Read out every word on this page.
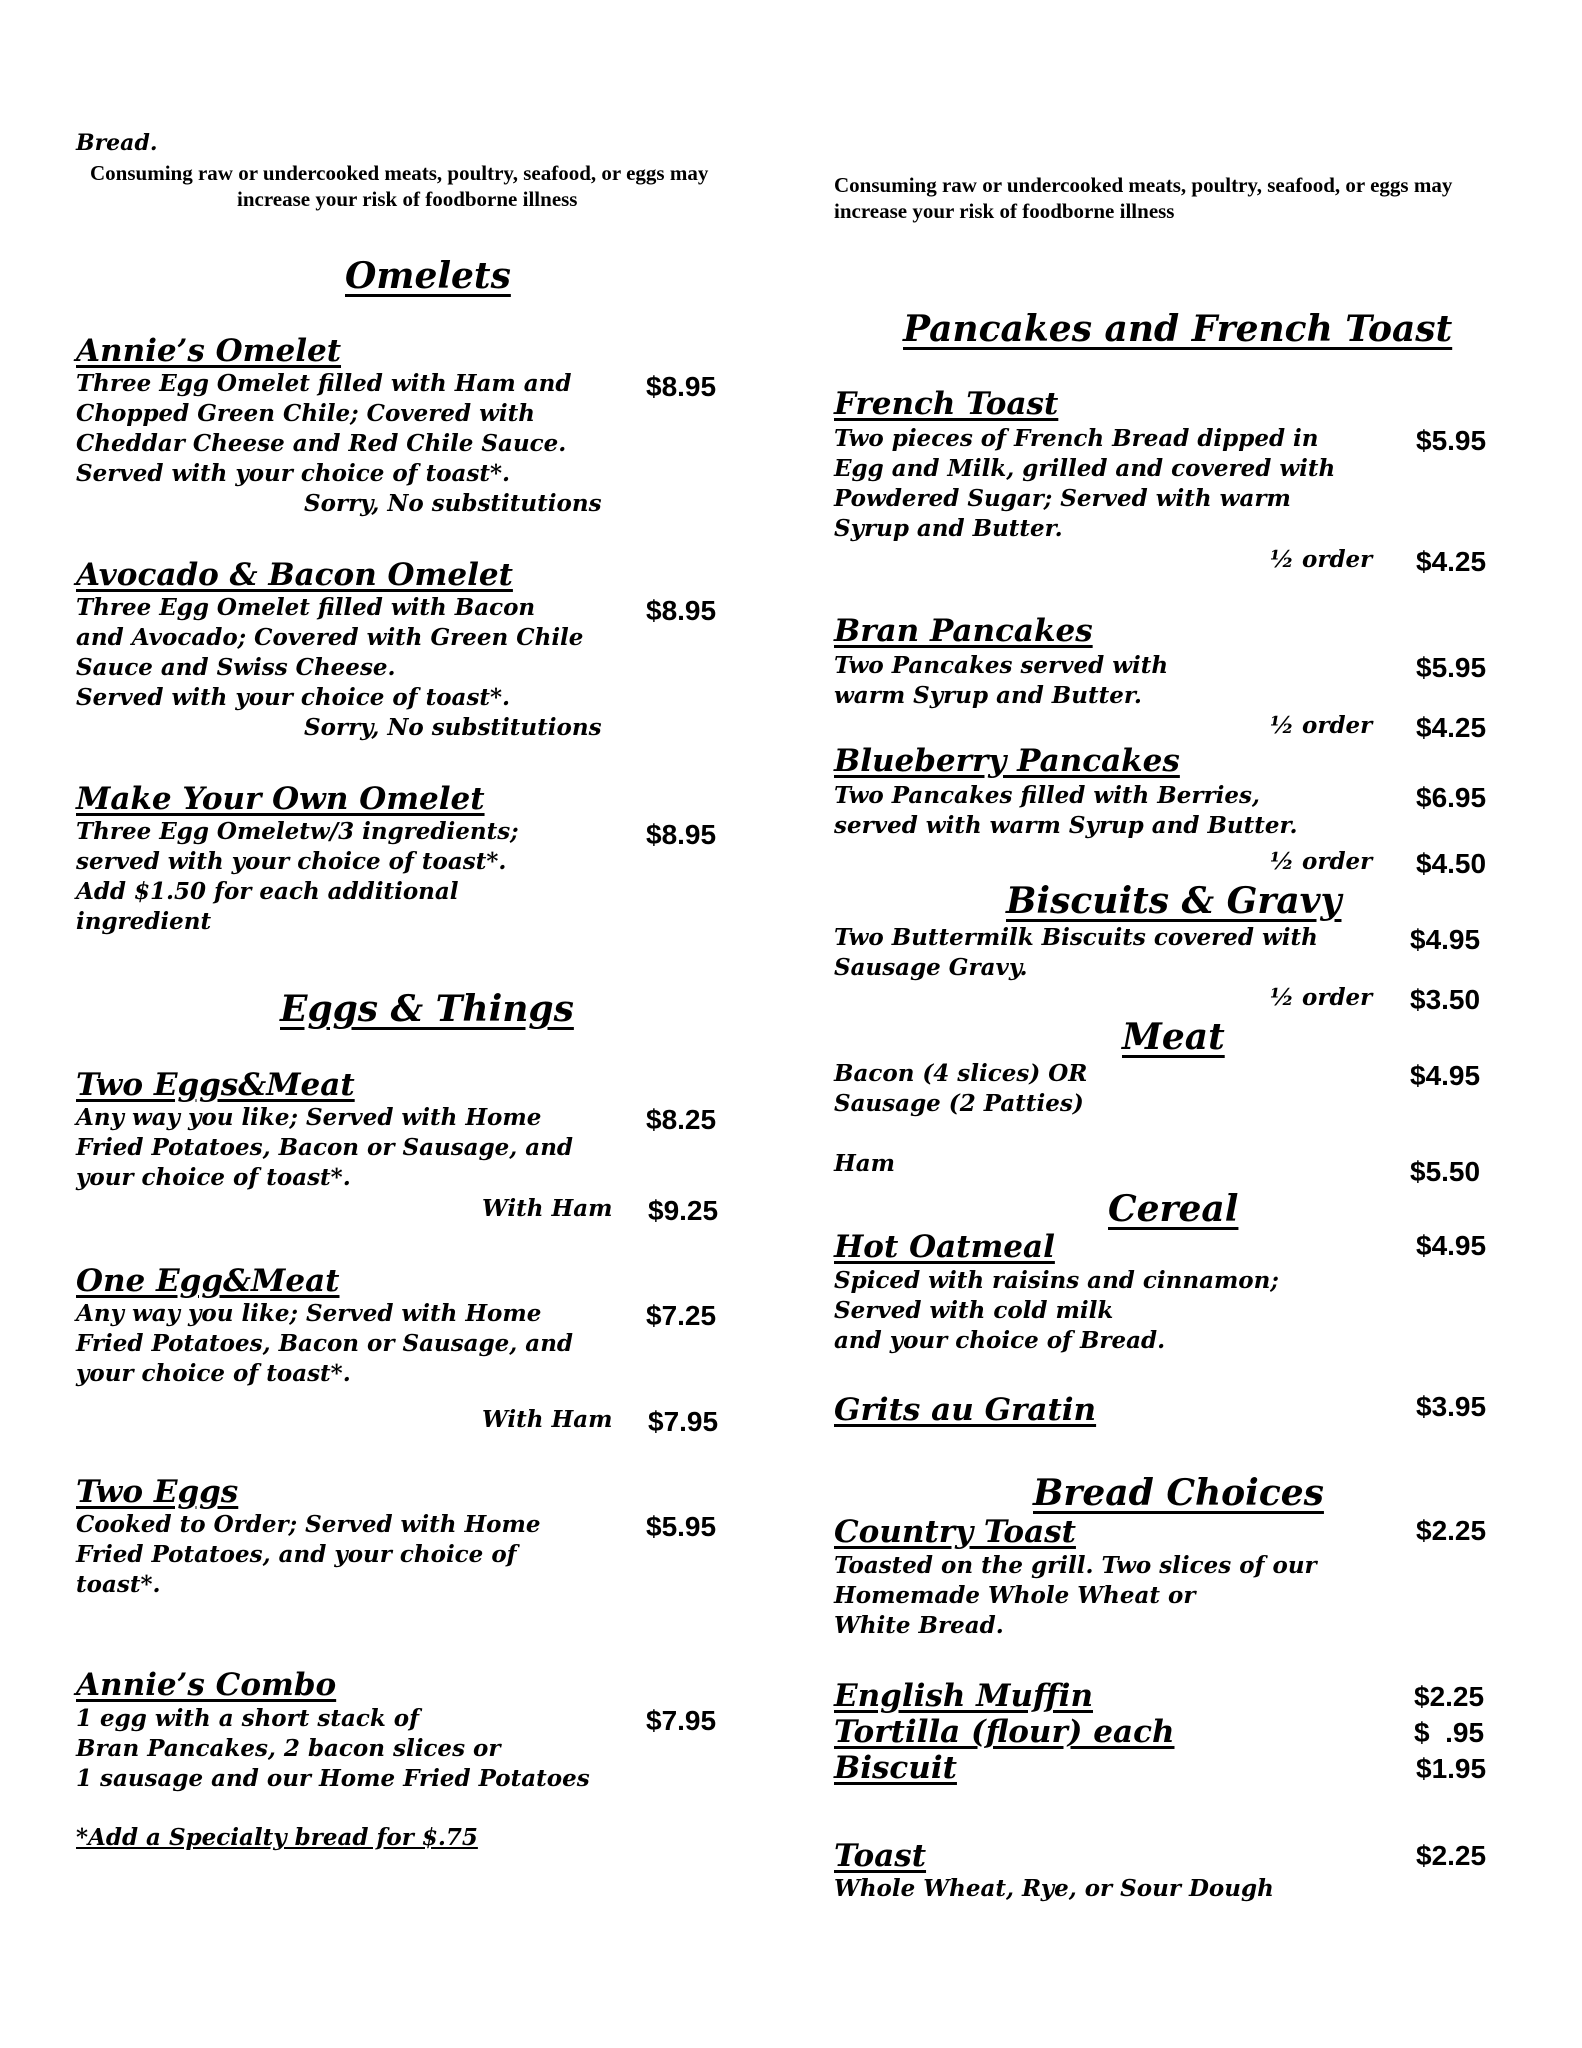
Bread.
Consuming raw or undercooked meats, poultry, seafood, or eggs may
increase your risk of foodborne illness
Omelets
Annie’s Omelet
$8.95
Three Egg Omelet filled with Ham and
Chopped Green Chile; Covered with
Cheddar Cheese and Red Chile Sauce.
Served with your choice of toast*.
Sorry, No substitutions
Avocado & Bacon Omelet
$8.95
Three Egg Omelet filled with Bacon
and Avocado; Covered with Green Chile
Sauce and Swiss Cheese.
Served with your choice of toast*.
Sorry, No substitutions
Make Your Own Omelet
$8.95
Three Egg Omeletw/3 ingredients;
served with your choice of toast*.
Add $1.50 for each additional
ingredient
Eggs & Things
Two Eggs&Meat
$8.25
Any way you like; Served with Home
Fried Potatoes, Bacon or Sausage, and
your choice of toast*.
With Ham $9.25
One Egg&Meat
$7.25
Any way you like; Served with Home
Fried Potatoes, Bacon or Sausage, and
your choice of toast*.
With Ham $7.95
Two Eggs
$5.95
Cooked to Order; Served with Home
Fried Potatoes, and your choice of
toast*.
Annie’s Combo
$7.95
1 egg with a short stack of
Bran Pancakes, 2 bacon slices or
1 sausage and our Home Fried Potatoes
*Add a Specialty bread for $.75
Consuming raw or undercooked meats, poultry, seafood, or eggs may
increase your risk of foodborne illness
Pancakes and French Toast
French Toast
$5.95
Two pieces of French Bread dipped in
Egg and Milk, grilled and covered with
Powdered Sugar; Served with warm
Syrup and Butter.
½ order $4.25
Bran Pancakes
$5.95
Two Pancakes served with
warm Syrup and Butter.
½ order $4.25
Blueberry Pancakes
$6.95
Two Pancakes filled with Berries,
served with warm Syrup and Butter.
½ order $4.50
Biscuits & Gravy
$4.95
Two Buttermilk Biscuits covered with
Sausage Gravy.
½ order $3.50
Meat
Bacon (4 slices) OR
Sausage (2 Patties)
$4.95
Ham	$5.50
Cereal
Hot Oatmeal	$4.95
Spiced with raisins and cinnamon;
Served with cold milk
and your choice of Bread.
Grits au Gratin	$3.95
Bread Choices
Country Toast	$2.25
Toasted on the grill. Two slices of our
Homemade Whole Wheat or
White Bread.
English Muffin	$2.25
Tortilla (flour) each	$  .95
Biscuit	$1.95
Toast	$2.25
Whole Wheat, Rye, or Sour Dough
